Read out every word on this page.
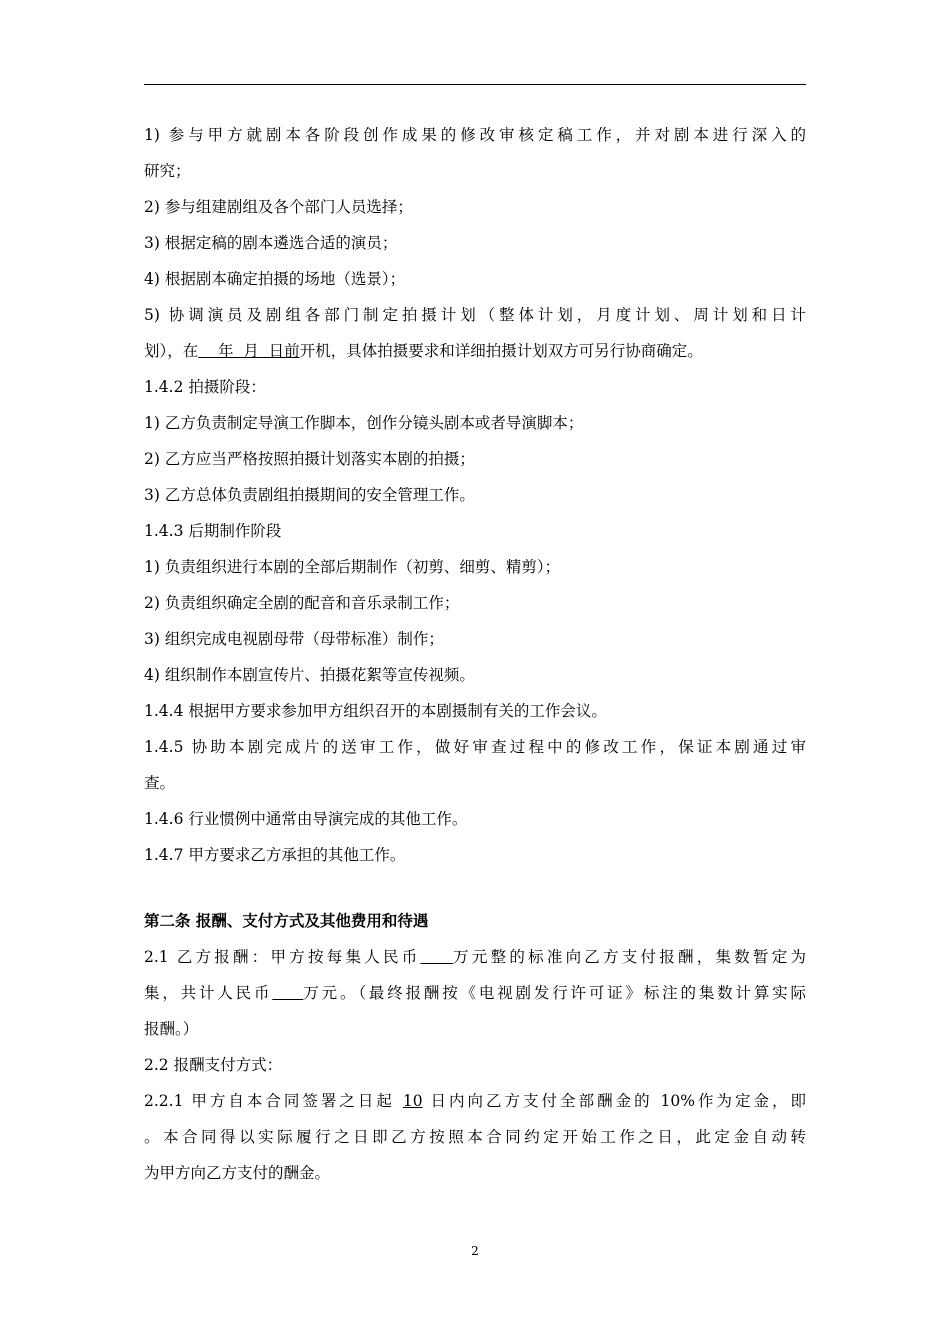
1) 参与甲方就剧本各阶段创作成果的修改审核定稿工作，并对剧本进行深入的
研究；
2) 参与组建剧组及各个部门人员选择；
3) 根据定稿的剧本遴选合适的演员；
4) 根据剧本确定拍摄的场地（选景）；
5) 协调演员及剧组各部门制定拍摄计划（整体计划，月度计划、周计划和日计
划），在    年  月  日前开机，具体拍摄要求和详细拍摄计划双方可另行协商确定。
1.4.2 拍摄阶段：
1) 乙方负责制定导演工作脚本，创作分镜头剧本或者导演脚本；
2) 乙方应当严格按照拍摄计划落实本剧的拍摄；
3) 乙方总体负责剧组拍摄期间的安全管理工作。
1.4.3 后期制作阶段
1) 负责组织进行本剧的全部后期制作（初剪、细剪、精剪）；
2) 负责组织确定全剧的配音和音乐录制工作；
3) 组织完成电视剧母带（母带标准）制作；
4) 组织制作本剧宣传片、拍摄花絮等宣传视频。
1.4.4 根据甲方要求参加甲方组织召开的本剧摄制有关的工作会议。
1.4.5 协助本剧完成片的送审工作，做好审查过程中的修改工作，保证本剧通过审
查。
1.4.6 行业惯例中通常由导演完成的其他工作。
1.4.7 甲方要求乙方承担的其他工作。
第二条 报酬、支付方式及其他费用和待遇
2.1 乙方报酬：甲方按每集人民币 万元整的标准向乙方支付报酬，集数暂定为
集，共计人民币 万元。（最终报酬按《电视剧发行许可证》标注的集数计算实际
报酬。）
2.2 报酬支付方式：
2.2.1 甲方自本合同签署之日起 10 日内向乙方支付全部酬金的 10%作为定金，即
。本合同得以实际履行之日即乙方按照本合同约定开始工作之日，此定金自动转
为甲方向乙方支付的酬金。
2
